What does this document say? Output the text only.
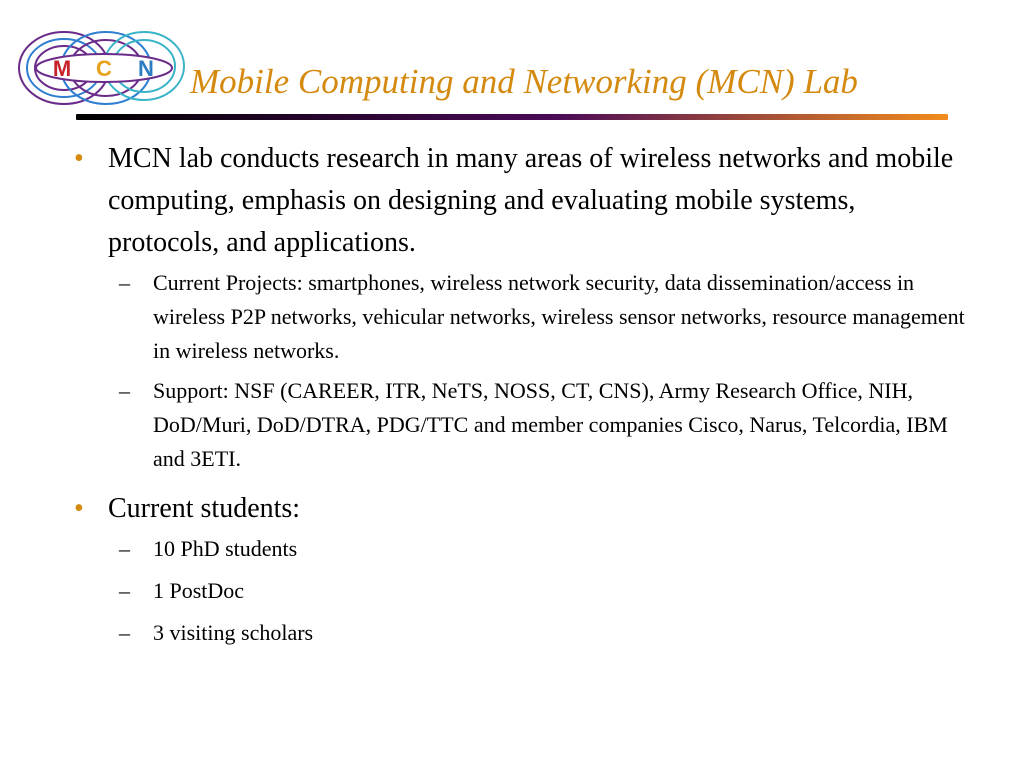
M C N Mobile Computing and Networking (MCN) Lab
• MCN lab conducts research in many areas of wireless networks and mobile computing, emphasis on designing and evaluating mobile systems, protocols, and applications.
– Current Projects: smartphones, wireless network security, data dissemination/access in wireless P2P networks, vehicular networks, wireless sensor networks, resource management in wireless networks.
– Support: NSF (CAREER, ITR, NeTS, NOSS, CT, CNS), Army Research Office, NIH, DoD/Muri, DoD/DTRA, PDG/TTC and member companies Cisco, Narus, Telcordia, IBM and 3ETI.
• Current students:
– 10 PhD students
– 1 PostDoc
– 3 visiting scholars
